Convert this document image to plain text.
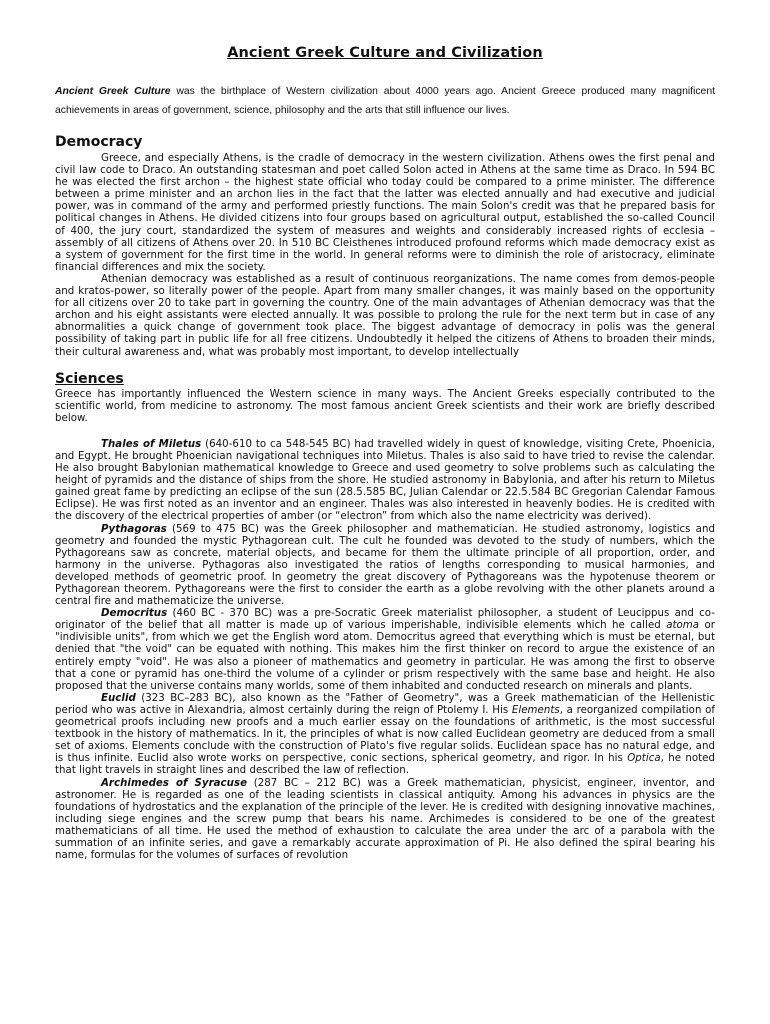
Ancient Greek Culture and Civilization

Ancient Greek Culture was the birthplace of Western civilization about 4000 years ago. Ancient Greece produced many magnificent achievements in areas of government, science, philosophy and the arts that still influence our lives.

Democracy

Greece, and especially Athens, is the cradle of democracy in the western civilization. Athens owes the first penal and civil law code to Draco. An outstanding statesman and poet called Solon acted in Athens at the same time as Draco. In 594 BC he was elected the first archon – the highest state official who today could be compared to a prime minister. The difference between a prime minister and an archon lies in the fact that the latter was elected annually and had executive and judicial power, was in command of the army and performed priestly functions. The main Solon's credit was that he prepared basis for political changes in Athens. He divided citizens into four groups based on agricultural output, established the so-called Council of 400, the jury court, standardized the system of measures and weights and considerably increased rights of ecclesia – assembly of all citizens of Athens over 20. In 510 BC Cleisthenes introduced profound reforms which made democracy exist as a system of government for the first time in the world. In general reforms were to diminish the role of aristocracy, eliminate financial differences and mix the society.

Athenian democracy was established as a result of continuous reorganizations. The name comes from demos-people and kratos-power, so literally power of the people. Apart from many smaller changes, it was mainly based on the opportunity for all citizens over 20 to take part in governing the country. One of the main advantages of Athenian democracy was that the archon and his eight assistants were elected annually. It was possible to prolong the rule for the next term but in case of any abnormalities a quick change of government took place. The biggest advantage of democracy in polis was the general possibility of taking part in public life for all free citizens. Undoubtedly it helped the citizens of Athens to broaden their minds, their cultural awareness and, what was probably most important, to develop intellectually

Sciences

Greece has importantly influenced the Western science in many ways. The Ancient Greeks especially contributed to the scientific world, from medicine to astronomy. The most famous ancient Greek scientists and their work are briefly described below.

Thales of Miletus (640-610 to ca 548-545 BC) had travelled widely in quest of knowledge, visiting Crete, Phoenicia, and Egypt. He brought Phoenician navigational techniques into Miletus. Thales is also said to have tried to revise the calendar. He also brought Babylonian mathematical knowledge to Greece and used geometry to solve problems such as calculating the height of pyramids and the distance of ships from the shore. He studied astronomy in Babylonia, and after his return to Miletus gained great fame by predicting an eclipse of the sun (28.5.585 BC, Julian Calendar or 22.5.584 BC Gregorian Calendar Famous Eclipse). He was first noted as an inventor and an engineer. Thales was also interested in heavenly bodies. He is credited with the discovery of the electrical properties of amber (or “electron” from which also the name electricity was derived).

Pythagoras (569 to 475 BC) was the Greek philosopher and mathematician. He studied astronomy, logistics and geometry and founded the mystic Pythagorean cult. The cult he founded was devoted to the study of numbers, which the Pythagoreans saw as concrete, material objects, and became for them the ultimate principle of all proportion, order, and harmony in the universe. Pythagoras also investigated the ratios of lengths corresponding to musical harmonies, and developed methods of geometric proof. In geometry the great discovery of Pythagoreans was the hypotenuse theorem or Pythagorean theorem. Pythagoreans were the first to consider the earth as a globe revolving with the other planets around a central fire and mathematicize the universe.

Democritus (460 BC - 370 BC) was a pre-Socratic Greek materialist philosopher, a student of Leucippus and co-originator of the belief that all matter is made up of various imperishable, indivisible elements which he called atoma or "indivisible units", from which we get the English word atom. Democritus agreed that everything which is must be eternal, but denied that "the void" can be equated with nothing. This makes him the first thinker on record to argue the existence of an entirely empty "void". He was also a pioneer of mathematics and geometry in particular. He was among the first to observe that a cone or pyramid has one-third the volume of a cylinder or prism respectively with the same base and height. He also proposed that the universe contains many worlds, some of them inhabited and conducted research on minerals and plants.

Euclid (323 BC–283 BC), also known as the "Father of Geometry", was a Greek mathematician of the Hellenistic period who was active in Alexandria, almost certainly during the reign of Ptolemy I. His Elements, a reorganized compilation of geometrical proofs including new proofs and a much earlier essay on the foundations of arithmetic, is the most successful textbook in the history of mathematics. In it, the principles of what is now called Euclidean geometry are deduced from a small set of axioms. Elements conclude with the construction of Plato's five regular solids. Euclidean space has no natural edge, and is thus infinite. Euclid also wrote works on perspective, conic sections, spherical geometry, and rigor. In his Optica, he noted that light travels in straight lines and described the law of reflection.

Archimedes of Syracuse (287 BC – 212 BC) was a Greek mathematician, physicist, engineer, inventor, and astronomer. He is regarded as one of the leading scientists in classical antiquity. Among his advances in physics are the foundations of hydrostatics and the explanation of the principle of the lever. He is credited with designing innovative machines, including siege engines and the screw pump that bears his name. Archimedes is considered to be one of the greatest mathematicians of all time. He used the method of exhaustion to calculate the area under the arc of a parabola with the summation of an infinite series, and gave a remarkably accurate approximation of Pi. He also defined the spiral bearing his name, formulas for the volumes of surfaces of revolution
